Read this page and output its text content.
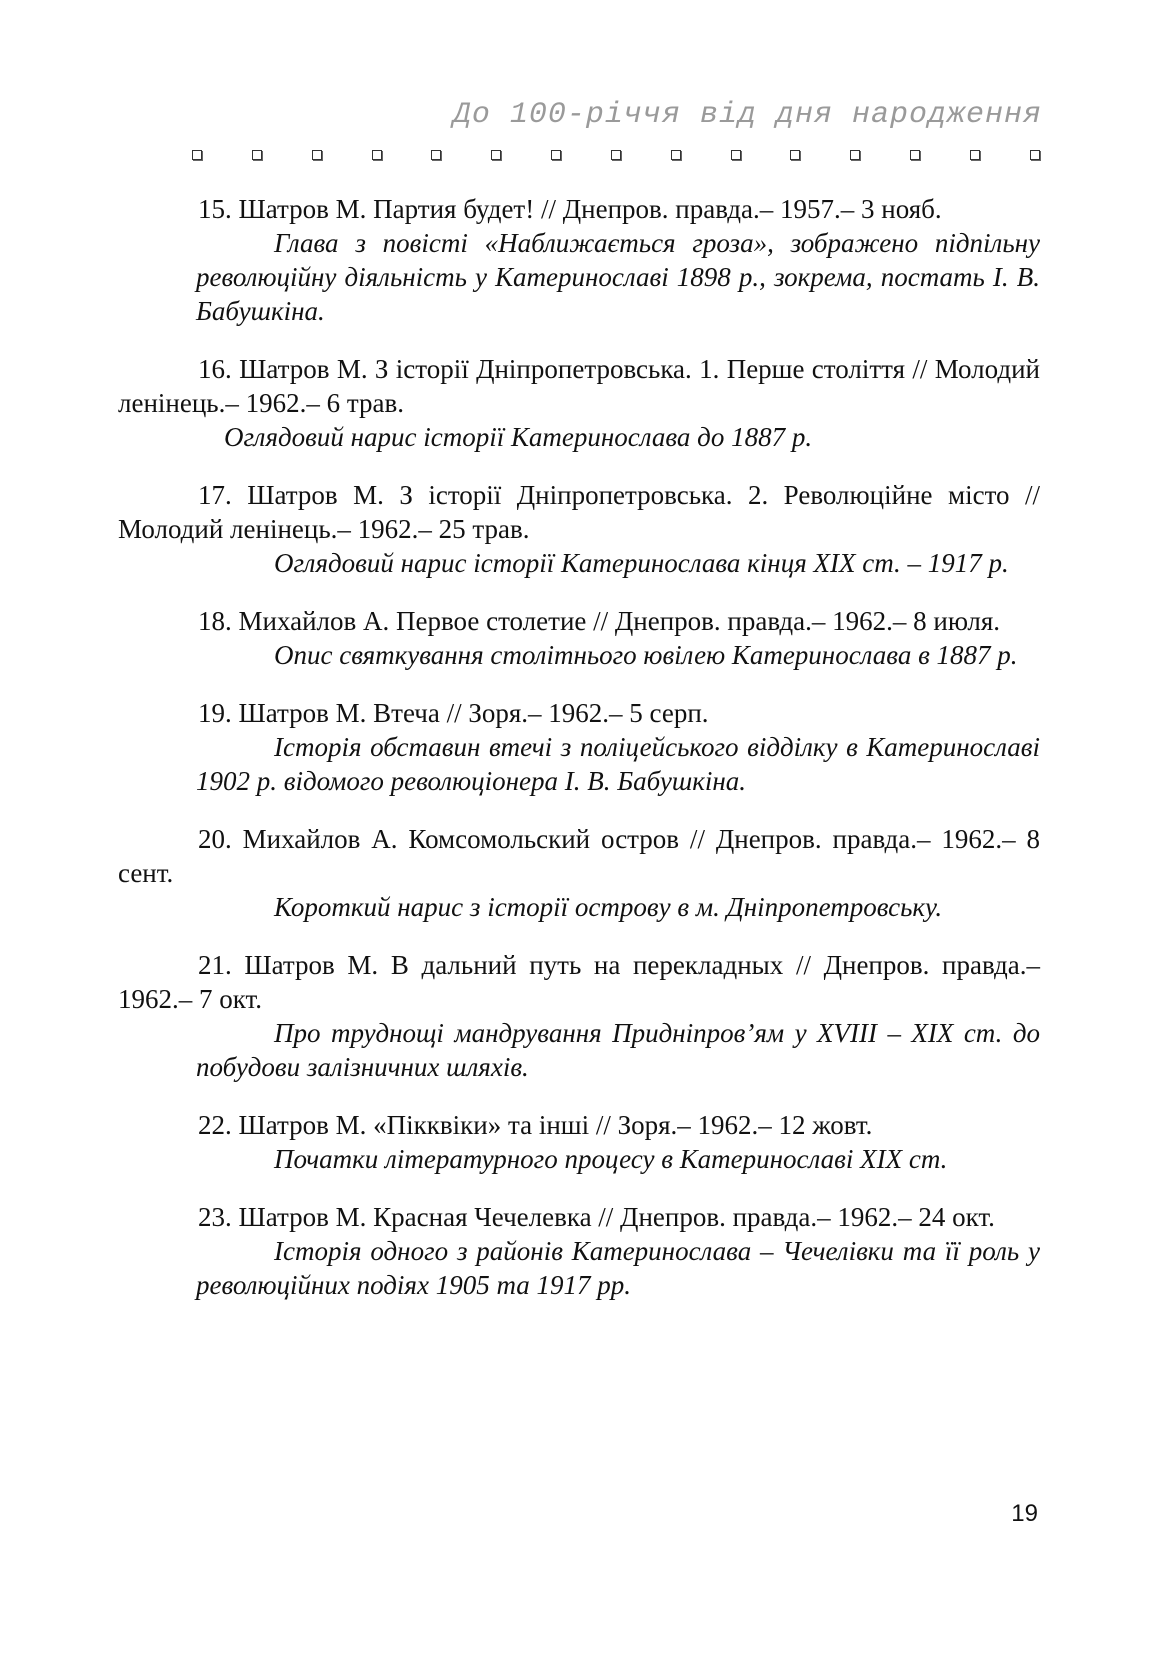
До 100-річчя від дня народження

15. Шатров М. Партия будет! // Днепров. правда.– 1957.– 3 нояб.

Глава з повісті «Наближається гроза», зображено підпільну революційну діяльність у Катеринославі 1898 р., зокрема, постать І. В. Бабушкіна.

16. Шатров М. З історії Дніпропетровська. 1. Перше століття // Молодий ленінець.– 1962.– 6 трав.

Оглядовий нарис історії Катеринослава до 1887 р.

17. Шатров М. З історії Дніпропетровська. 2. Революційне місто // Молодий ленінець.– 1962.– 25 трав.

Оглядовий нарис історії Катеринослава кінця XIX ст. – 1917 р.

18. Михайлов А. Первое столетие // Днепров. правда.– 1962.– 8 июля.

Опис святкування столітнього ювілею Катеринослава в 1887 р.

19. Шатров М. Втеча // Зоря.– 1962.– 5 серп.

Історія обставин втечі з поліцейського відділку в Катеринославі 1902 р. відомого революціонера І. В. Бабушкіна.

20. Михайлов А. Комсомольский остров // Днепров. правда.– 1962.– 8 сент.

Короткий нарис з історії острову в м. Дніпропетровську.

21. Шатров М. В дальний путь на перекладных // Днепров. правда.– 1962.– 7 окт.

Про труднощі мандрування Придніпров’ям у XVIII – XIX ст. до побудови залізничних шляхів.

22. Шатров М. «Пікквіки» та інші // Зоря.– 1962.– 12 жовт.

Початки літературного процесу в Катеринославі XIX ст.

23. Шатров М. Красная Чечелевка // Днепров. правда.– 1962.– 24 окт.

Історія одного з районів Катеринослава – Чечелівки та її роль у революційних подіях 1905 та 1917 рр.

19
